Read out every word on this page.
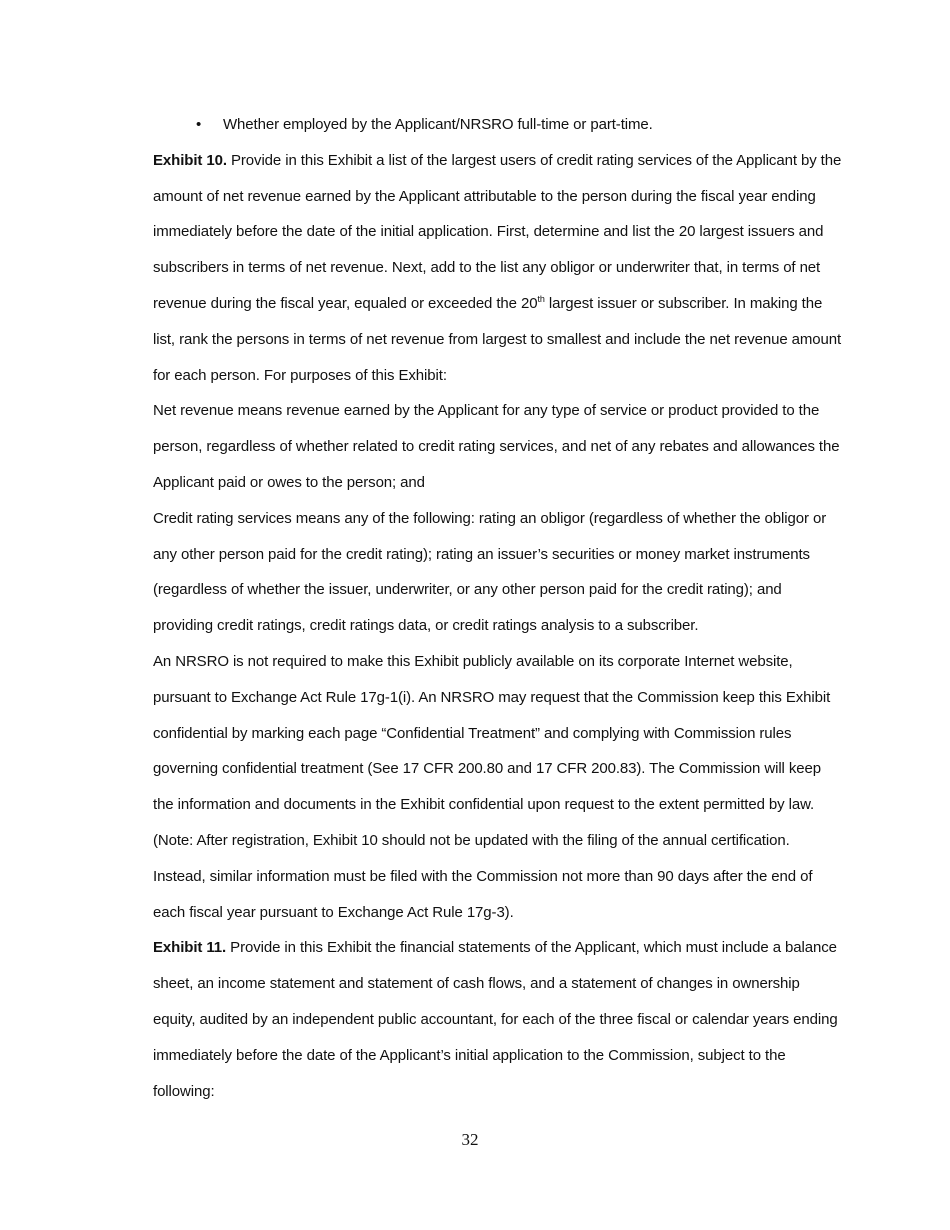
• Whether employed by the Applicant/NRSRO full-time or part-time.

Exhibit 10. Provide in this Exhibit a list of the largest users of credit rating services of the Applicant by the amount of net revenue earned by the Applicant attributable to the person during the fiscal year ending immediately before the date of the initial application. First, determine and list the 20 largest issuers and subscribers in terms of net revenue. Next, add to the list any obligor or underwriter that, in terms of net revenue during the fiscal year, equaled or exceeded the 20th largest issuer or subscriber. In making the list, rank the persons in terms of net revenue from largest to smallest and include the net revenue amount for each person. For purposes of this Exhibit:

Net revenue means revenue earned by the Applicant for any type of service or product provided to the person, regardless of whether related to credit rating services, and net of any rebates and allowances the Applicant paid or owes to the person; and

Credit rating services means any of the following: rating an obligor (regardless of whether the obligor or any other person paid for the credit rating); rating an issuer’s securities or money market instruments (regardless of whether the issuer, underwriter, or any other person paid for the credit rating); and providing credit ratings, credit ratings data, or credit ratings analysis to a subscriber.

An NRSRO is not required to make this Exhibit publicly available on its corporate Internet website, pursuant to Exchange Act Rule 17g-1(i). An NRSRO may request that the Commission keep this Exhibit confidential by marking each page “Confidential Treatment” and complying with Commission rules governing confidential treatment (See 17 CFR 200.80 and 17 CFR 200.83). The Commission will keep the information and documents in the Exhibit confidential upon request to the extent permitted by law. (Note: After registration, Exhibit 10 should not be updated with the filing of the annual certification. Instead, similar information must be filed with the Commission not more than 90 days after the end of each fiscal year pursuant to Exchange Act Rule 17g-3).

Exhibit 11. Provide in this Exhibit the financial statements of the Applicant, which must include a balance sheet, an income statement and statement of cash flows, and a statement of changes in ownership equity, audited by an independent public accountant, for each of the three fiscal or calendar years ending immediately before the date of the Applicant’s initial application to the Commission, subject to the following:

32
